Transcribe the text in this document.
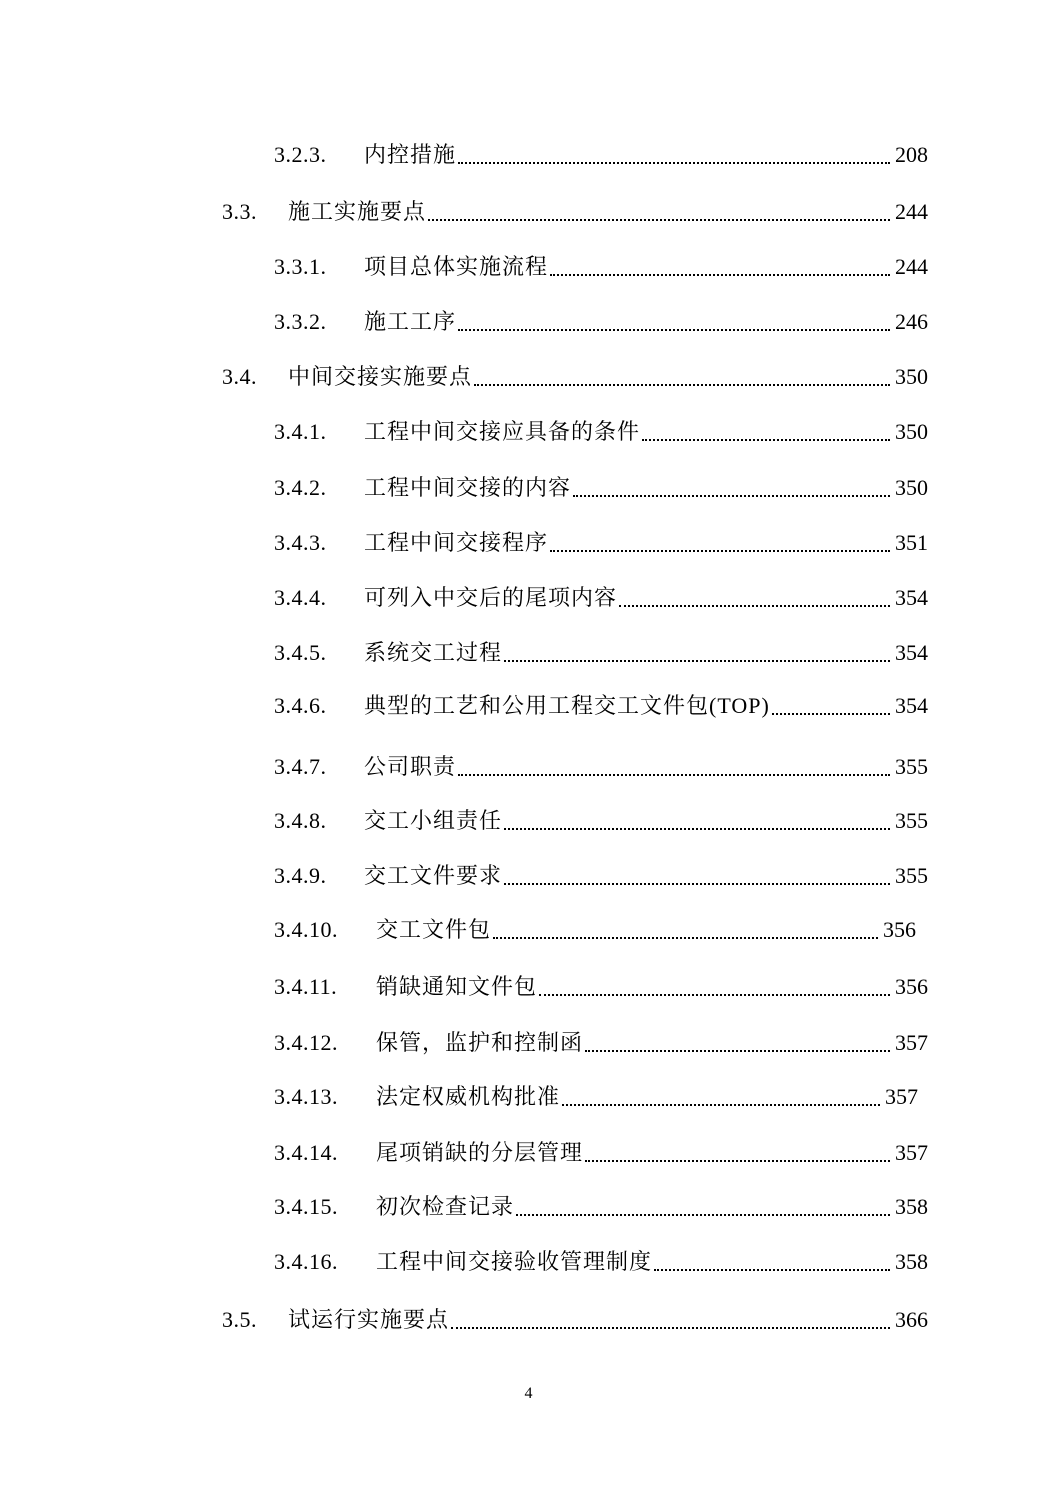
3.2.3.	内控措施	208
3.3.	施工实施要点	244
3.3.1.	项目总体实施流程	244
3.3.2.	施工工序	246
3.4.	中间交接实施要点	350
3.4.1.	工程中间交接应具备的条件	350
3.4.2.	工程中间交接的内容	350
3.4.3.	工程中间交接程序	351
3.4.4.	可列入中交后的尾项内容	354
3.4.5.	系统交工过程	354
3.4.6.	典型的工艺和公用工程交工文件包(TOP)	354
3.4.7.	公司职责	355
3.4.8.	交工小组责任	355
3.4.9.	交工文件要求	355
3.4.10.	交工文件包	356
3.4.11.	销缺通知文件包	356
3.4.12.	保管，监护和控制函	357
3.4.13.	法定权威机构批准	357
3.4.14.	尾项销缺的分层管理	357
3.4.15.	初次检查记录	358
3.4.16.	工程中间交接验收管理制度	358
3.5.	试运行实施要点	366
4
